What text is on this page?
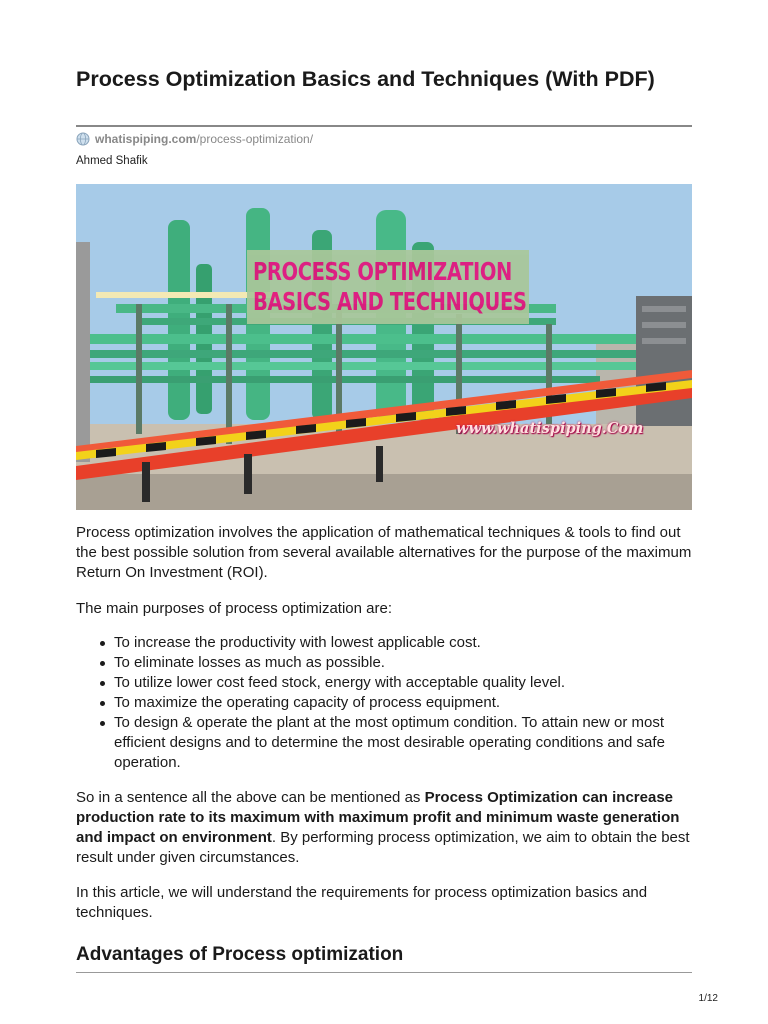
Process Optimization Basics and Techniques (With PDF)
whatispiping.com /process-optimization/
Ahmed Shafik
PROCESS OPTIMIZATION
BASICS AND TECHNIQUES
www.whatispiping.Com

Process optimization involves the application of mathematical techniques & tools to find out the best possible solution from several available alternatives for the purpose of the maximum Return On Investment (ROI).

The main purposes of process optimization are:

To increase the productivity with lowest applicable cost.
To eliminate losses as much as possible.
To utilize lower cost feed stock, energy with acceptable quality level.
To maximize the operating capacity of process equipment.
To design & operate the plant at the most optimum condition. To attain new or most efficient designs and to determine the most desirable operating conditions and safe operation.

So in a sentence all the above can be mentioned as Process Optimization can increase production rate to its maximum with maximum profit and minimum waste generation and impact on environment. By performing process optimization, we aim to obtain the best result under given circumstances.

In this article, we will understand the requirements for process optimization basics and techniques.

Advantages of Process optimization
1/12
